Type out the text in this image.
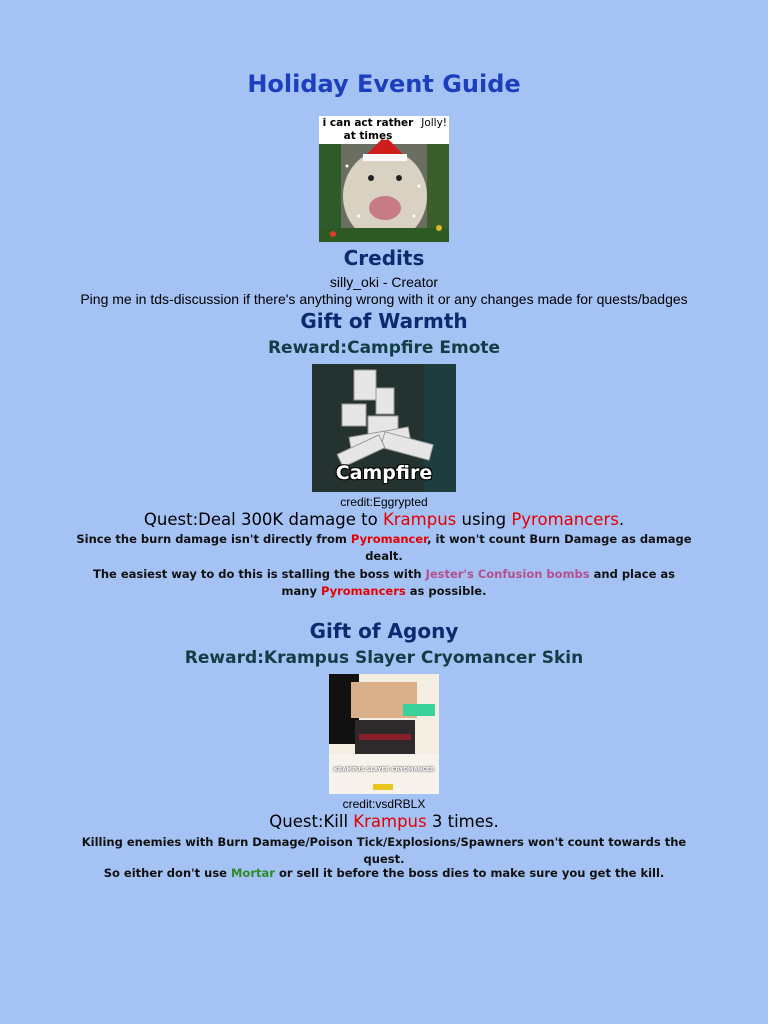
Holiday Event Guide
i can act rather at times
Jolly!
Credits
silly_oki - Creator
Ping me in tds-discussion if there's anything wrong with it or any changes made for quests/badges
Gift of Warmth
Reward:Campfire Emote
Campfire
credit:Eggrypted
Quest:Deal 300K damage to Krampus using Pyromancers.
Since the burn damage isn't directly from Pyromancer, it won't count Burn Damage as damage dealt.
The easiest way to do this is stalling the boss with Jester's Confusion bombs and place as many Pyromancers as possible.
Gift of Agony
Reward:Krampus Slayer Cryomancer Skin
KRAMPUS SLAYER CRYOMANCER
credit:vsdRBLX
Quest:Kill Krampus 3 times.
Killing enemies with Burn Damage/Poison Tick/Explosions/Spawners won't count towards the quest.
So either don't use Mortar or sell it before the boss dies to make sure you get the kill.
